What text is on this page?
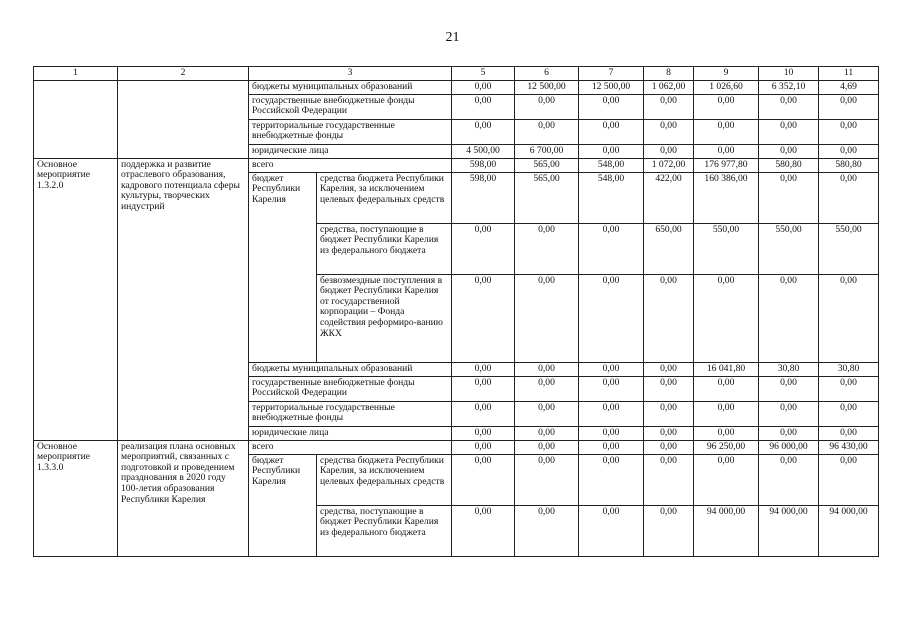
21
1	2	3		5	6	7	8	9	10	11
		бюджеты муниципальных образований		0,00	12 500,00	12 500,00	1 062,00	1 026,60	6 352,10	4,69
		государственные внебюджетные фонды Российской Федерации		0,00	0,00	0,00	0,00	0,00	0,00	0,00
		территориальные государственные внебюджетные фонды		0,00	0,00	0,00	0,00	0,00	0,00	0,00
		юридические лица		4 500,00	6 700,00	0,00	0,00	0,00	0,00	0,00
Основное мероприятие 1.3.2.0	поддержка и развитие отраслевого образования, кадрового потенциала сферы культуры, творческих индустрий	всего		598,00	565,00	548,00	1 072,00	176 977,80	580,80	580,80
		бюджет Республики Карелия	средства бюджета Республики Карелия, за исключением целевых федеральных средств	598,00	565,00	548,00	422,00	160 386,00	0,00	0,00
			средства, поступающие в бюджет Республики Карелия из федерального бюджета	0,00	0,00	0,00	650,00	550,00	550,00	550,00
			безвозмездные поступления в бюджет Республики Карелия от государственной корпорации – Фонда содействия реформиро-ванию ЖКХ	0,00	0,00	0,00	0,00	0,00	0,00	0,00
		бюджеты муниципальных образований		0,00	0,00	0,00	0,00	16 041,80	30,80	30,80
		государственные внебюджетные фонды Российской Федерации		0,00	0,00	0,00	0,00	0,00	0,00	0,00
		территориальные государственные внебюджетные фонды		0,00	0,00	0,00	0,00	0,00	0,00	0,00
		юридические лица		0,00	0,00	0,00	0,00	0,00	0,00	0,00
Основное мероприятие 1.3.3.0	реализация плана основных мероприятий, связанных с подготовкой и проведением празднования в 2020 году 100-летия образования Республики Карелия	всего		0,00	0,00	0,00	0,00	96 250,00	96 000,00	96 430,00
		бюджет Республики Карелия	средства бюджета Республики Карелия, за исключением целевых федеральных средств	0,00	0,00	0,00	0,00	0,00	0,00	0,00
			средства, поступающие в бюджет Республики Карелия из федерального бюджета	0,00	0,00	0,00	0,00	94 000,00	94 000,00	94 000,00
